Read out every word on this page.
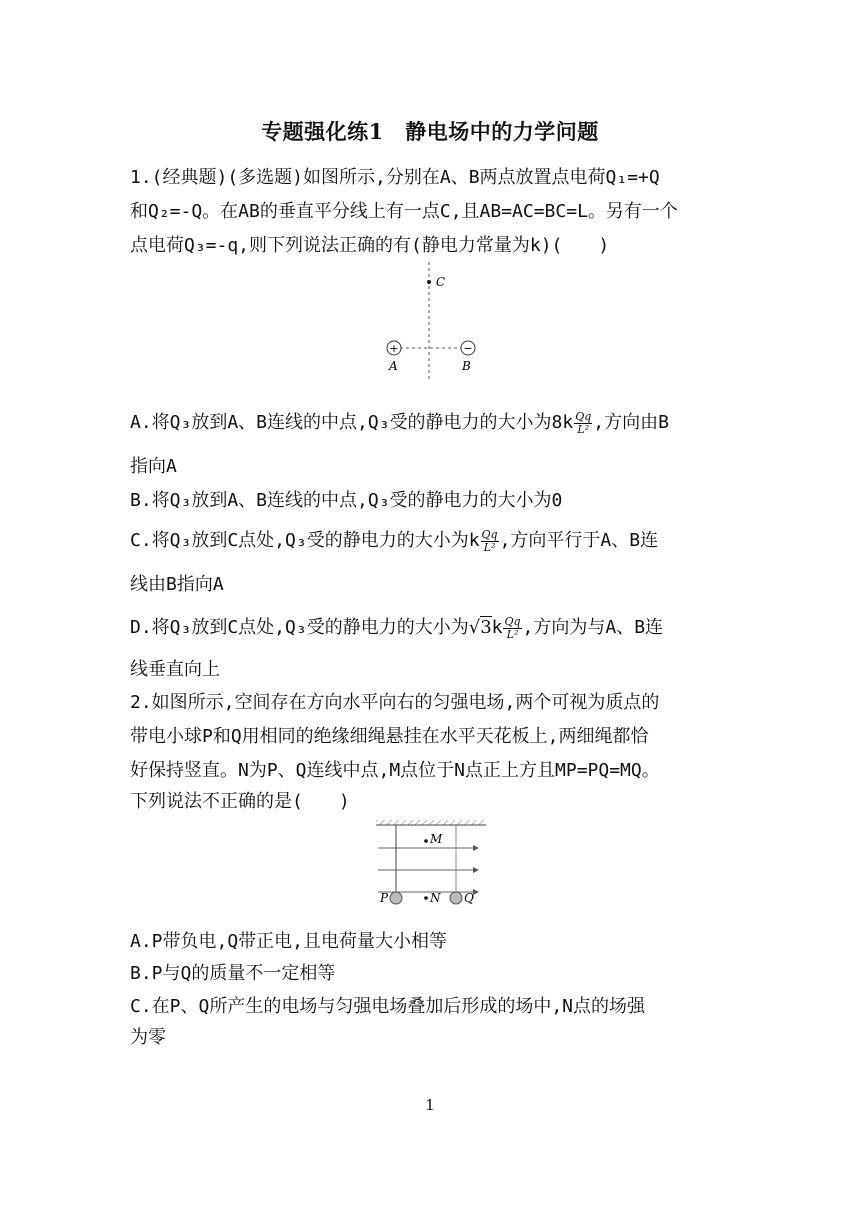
专题强化练1　静电场中的力学问题
1.(经典题)(多选题)如图所示,分别在A、B两点放置点电荷Q₁=+Q
和Q₂=-Q。在AB的垂直平分线上有一点C,且AB=AC=BC=L。另有一个
点电荷Q₃=-q,则下列说法正确的有(静电力常量为k)(　　)
C
+	−
A	B
A.将Q₃放到A、B连线的中点,Q₃受的静电力的大小为$8k \frac{Qq}{\text{L²}}$ ,方向由B
指向A
B.将Q₃放到A、B连线的中点,Q₃受的静电力的大小为0
C.将Q₃放到C点处,Q₃受的静电力的大小为k $\frac{Qq}{\text{L²}}$ ,方向平行于A、B连
线由B指向A
D.将Q₃放到C点处,Q₃受的静电力的大小为$√3k \frac{Qq}{\text{L²}}$ ,方向为与A、B连
线垂直向上
2.如图所示,空间存在方向水平向右的匀强电场,两个可视为质点的
带电小球P和Q用相同的绝缘细绳悬挂在水平天花板上,两细绳都恰
好保持竖直。N为P、Q连线中点,M点位于N点正上方且MP=PQ=MQ。
下列说法不正确的是(　　)
M
N
P	Q
A.P带负电,Q带正电,且电荷量大小相等
B.P与Q的质量不一定相等
C.在P、Q所产生的电场与匀强电场叠加后形成的场中,N点的场强
为零
1
